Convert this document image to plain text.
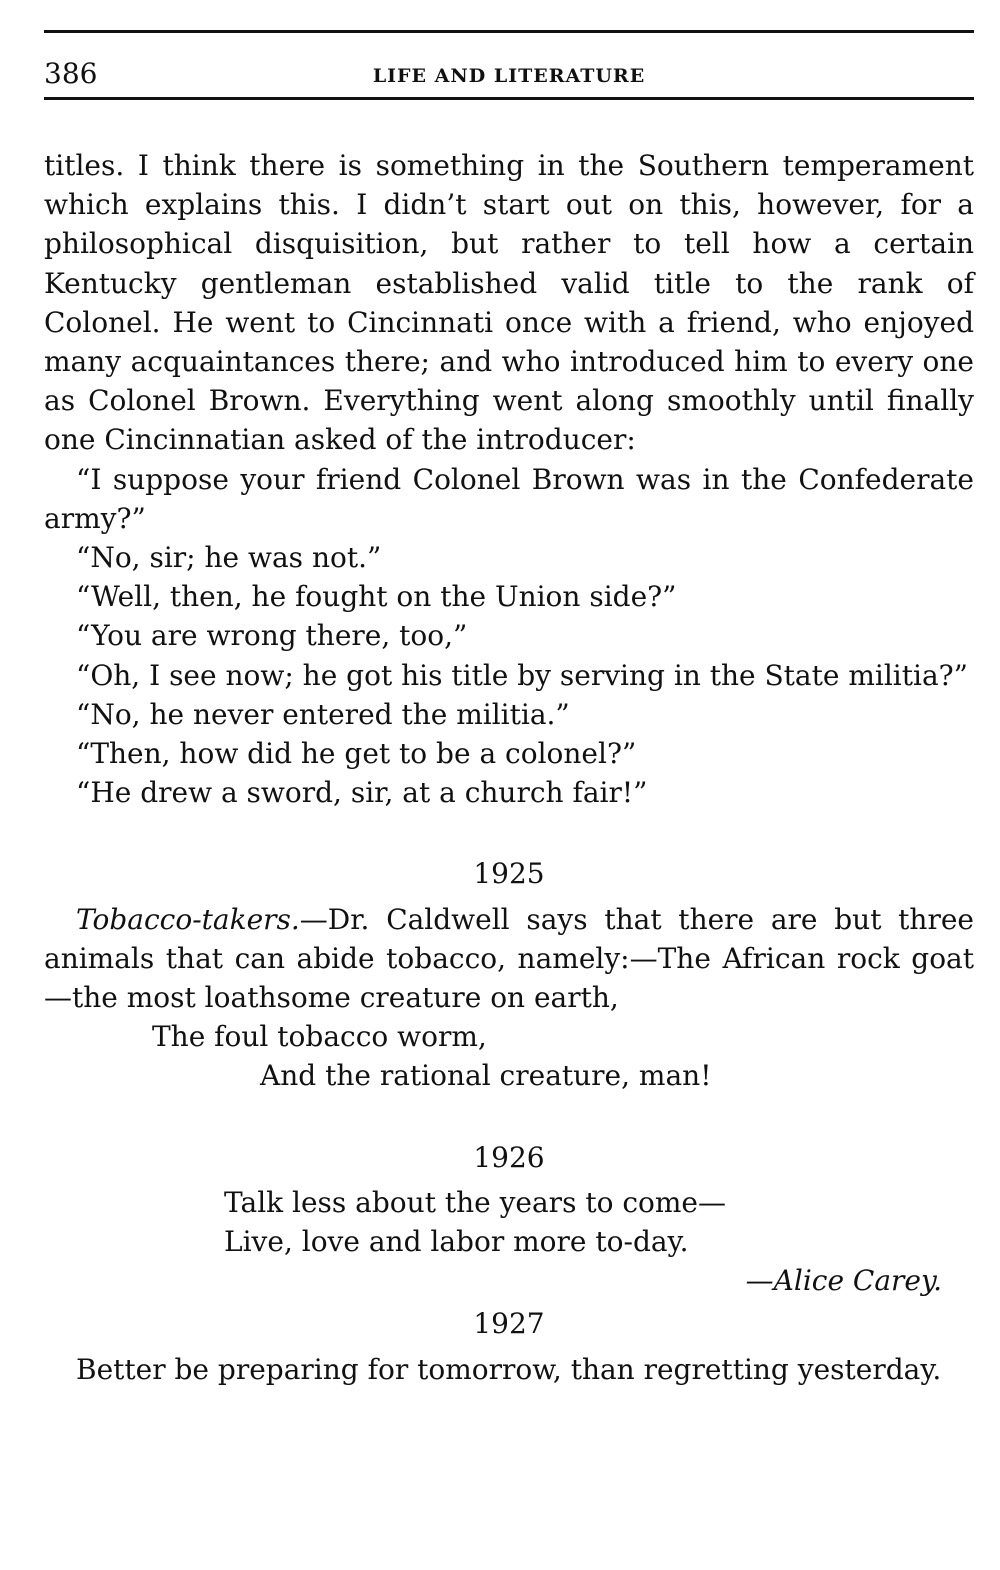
386	LIFE AND LITERATURE

titles. I think there is something in the Southern temperament which explains this. I didn’t start out on this, however, for a philosophical disquisition, but rather to tell how a certain Kentucky gentleman established valid title to the rank of Colonel. He went to Cincinnati once with a friend, who enjoyed many acquaintances there; and who introduced him to every one as Colonel Brown. Everything went along smoothly until finally one Cincinnatian asked of the introducer:

“I suppose your friend Colonel Brown was in the Confederate army?”

“No, sir; he was not.”

“Well, then, he fought on the Union side?”

“You are wrong there, too,”

“Oh, I see now; he got his title by serving in the State militia?”

“No, he never entered the militia.”

“Then, how did he get to be a colonel?”

“He drew a sword, sir, at a church fair!”

1925

Tobacco-takers.—Dr. Caldwell says that there are but three animals that can abide tobacco, namely:—The African rock goat—the most loathsome creature on earth,

The foul tobacco worm,

And the rational creature, man!

1926

Talk less about the years to come—

Live, love and labor more to-day.

—Alice Carey.

1927

Better be preparing for tomorrow, than regretting yesterday.
